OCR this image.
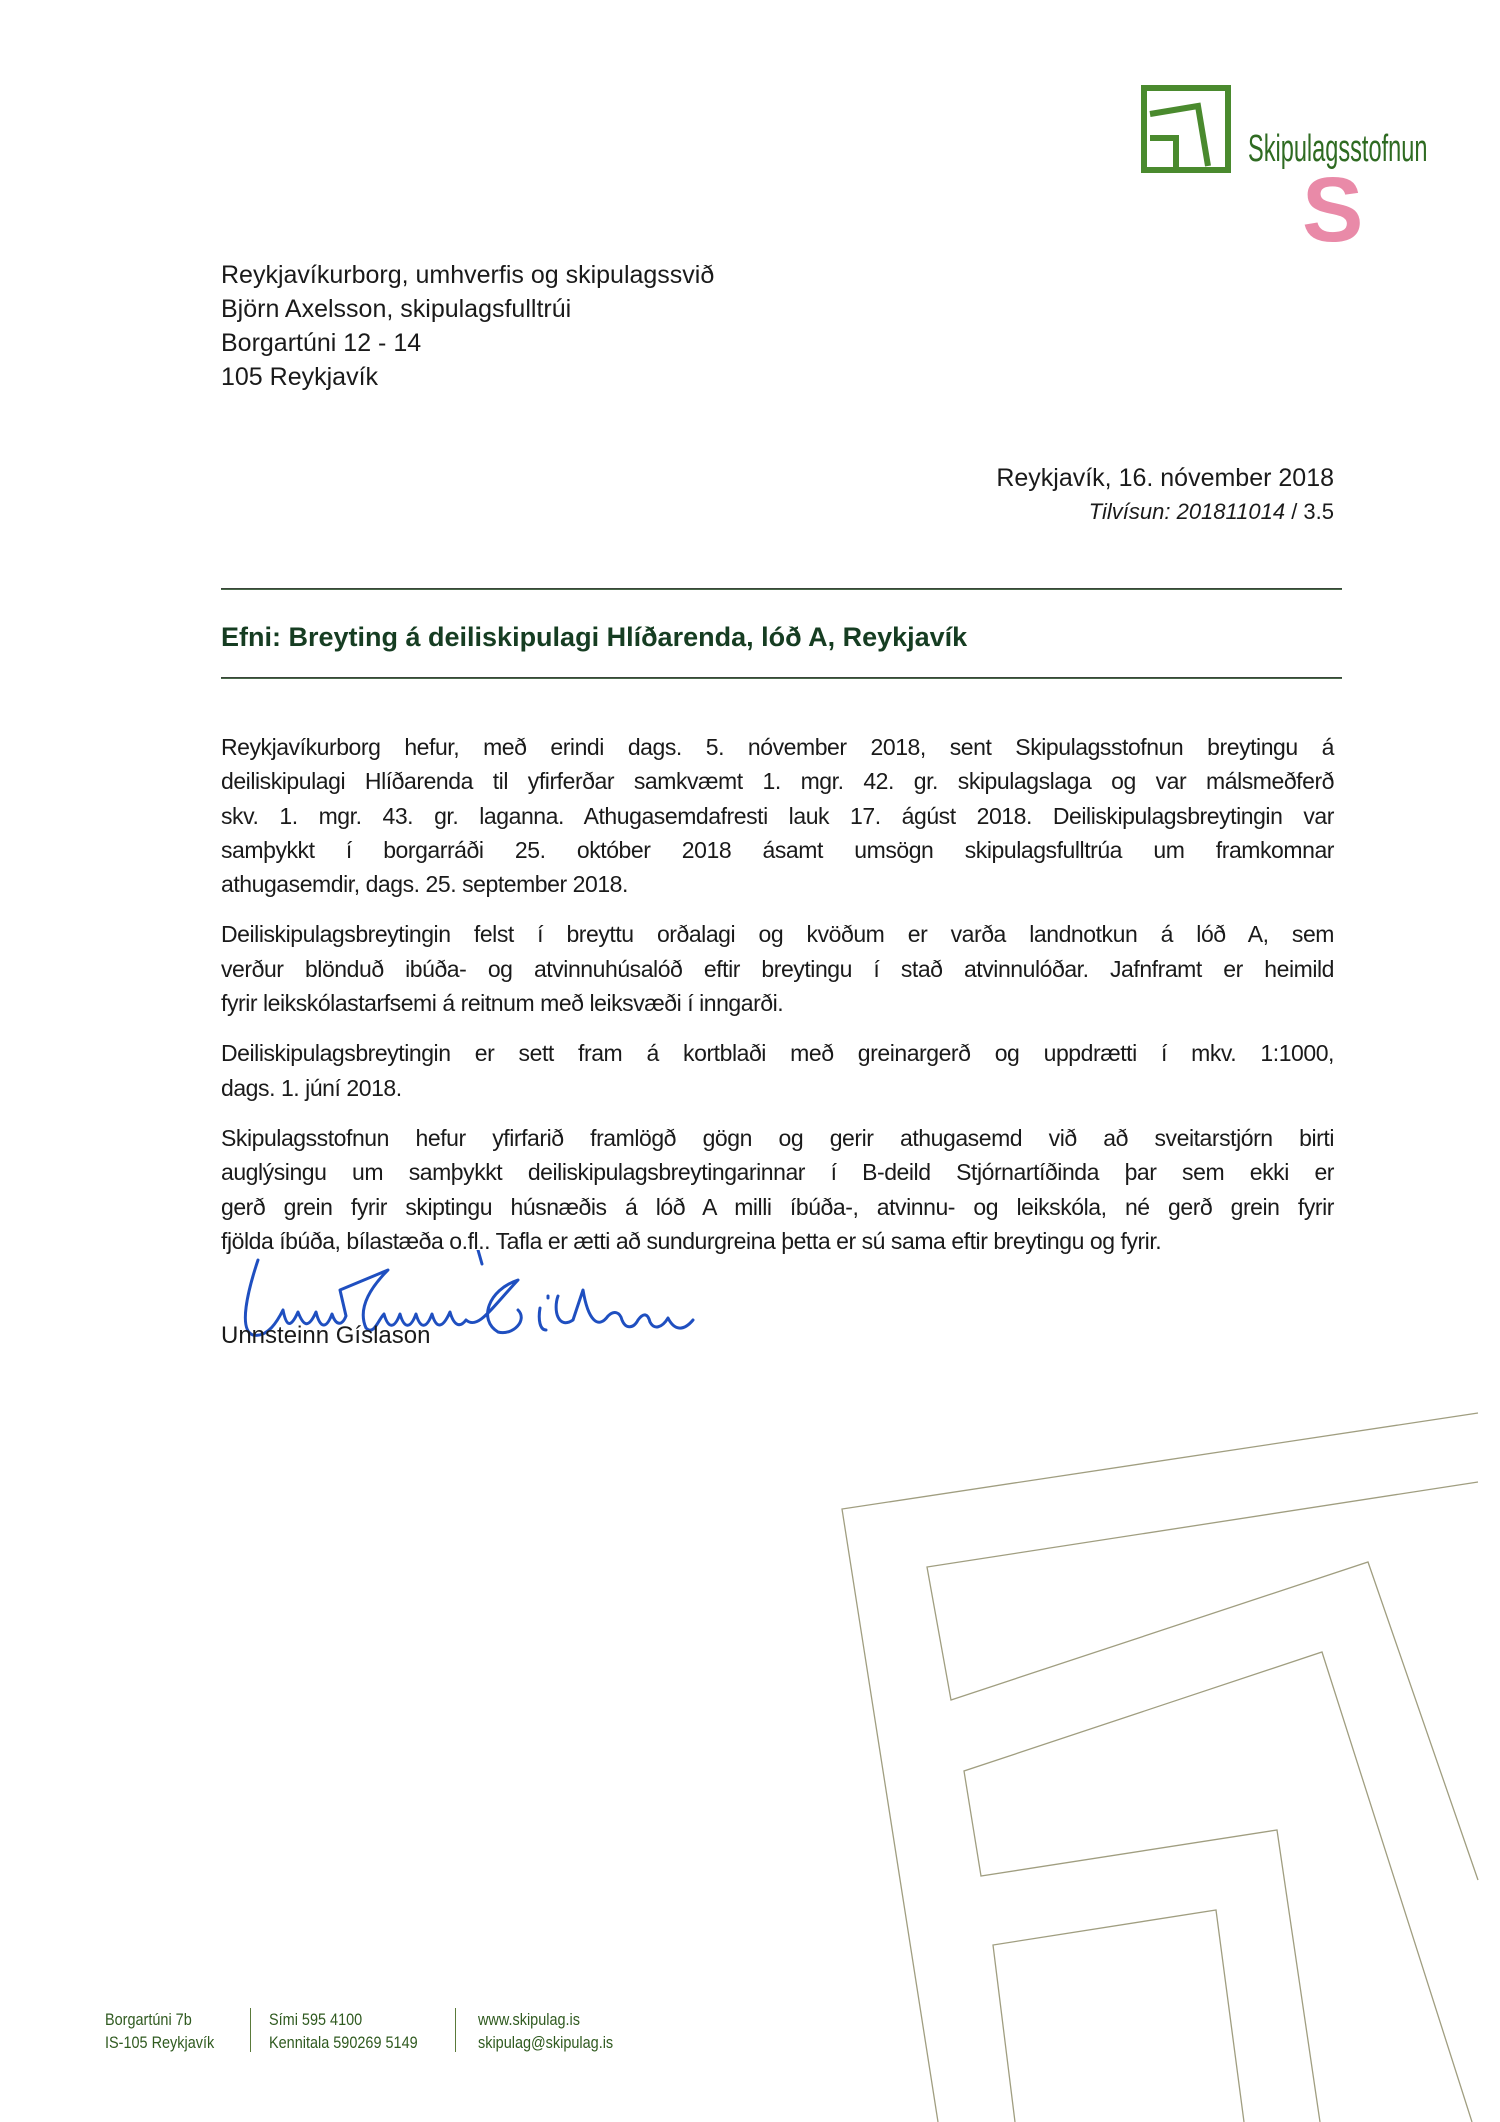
Skipulagsstofnun
S
Reykjavíkurborg, umhverfis og skipulagssvið
Björn Axelsson, skipulagsfulltrúi
Borgartúni 12 - 14
105 Reykjavík
Reykjavík, 16. nóvember 2018
Tilvísun: 201811014 / 3.5
Efni: Breyting á deiliskipulagi Hlíðarenda, lóð A, Reykjavík
Reykjavíkurborg hefur, með erindi dags. 5. nóvember 2018, sent Skipulagsstofnun breytingu á
deiliskipulagi Hlíðarenda til yfirferðar samkvæmt 1. mgr. 42. gr. skipulagslaga og var málsmeðferð
skv. 1. mgr. 43. gr. laganna. Athugasemdafresti lauk 17. ágúst 2018. Deiliskipulagsbreytingin var
samþykkt í borgarráði 25. október 2018 ásamt umsögn skipulagsfulltrúa um framkomnar
athugasemdir, dags. 25. september 2018.
Deiliskipulagsbreytingin felst í breyttu orðalagi og kvöðum er varða landnotkun á lóð A, sem
verður blönduð ibúða- og atvinnuhúsalóð eftir breytingu í stað atvinnulóðar. Jafnframt er heimild
fyrir leikskólastarfsemi á reitnum með leiksvæði í inngarði.
Deiliskipulagsbreytingin er sett fram á kortblaði með greinargerð og uppdrætti í mkv. 1:1000,
dags. 1. júní 2018.
Skipulagsstofnun hefur yfirfarið framlögð gögn og gerir athugasemd við að sveitarstjórn birti
auglýsingu um samþykkt deiliskipulagsbreytingarinnar í B-deild Stjórnartíðinda þar sem ekki er
gerð grein fyrir skiptingu húsnæðis á lóð A milli íbúða-, atvinnu- og leikskóla, né gerð grein fyrir
fjölda íbúða, bílastæða o.fl.. Tafla er ætti að sundurgreina þetta er sú sama eftir breytingu og fyrir.
Unnsteinn Gíslason
Borgartúni 7b
IS-105 Reykjavík
Sími 595 4100
Kennitala 590269 5149
www.skipulag.is
skipulag@skipulag.is
